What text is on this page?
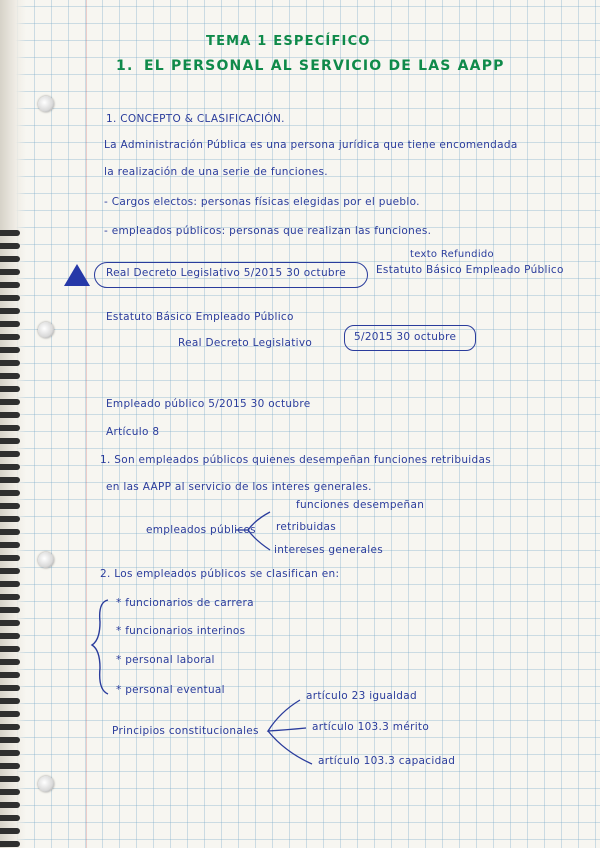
TEMA 1 ESPECÍFICO
1. EL PERSONAL AL SERVICIO DE LAS AAPP
1. CONCEPTO & CLASIFICACIÓN.
La Administración Pública es una persona jurídica que tiene encomendada
la realización de una serie de funciones.
- Cargos electos: personas físicas elegidas por el pueblo.
- empleados públicos: personas que realizan las funciones.
texto Refundido
Real Decreto Legislativo 5/2015 30 octubre	Estatuto Básico Empleado Público
Estatuto Básico Empleado Público
Real Decreto Legislativo	5/2015 30 octubre
Empleado público 5/2015 30 octubre
Artículo 8
1. Son empleados públicos quienes desempeñan funciones retribuidas
en las AAPP al servicio de los interes generales.
empleados públicos
funciones desempeñan
retribuidas
intereses generales
2. Los empleados públicos se clasifican en:
* funcionarios de carrera
* funcionarios interinos
* personal laboral
* personal eventual
Principios constitucionales
artículo 23 igualdad
artículo 103.3 mérito
artículo 103.3 capacidad
